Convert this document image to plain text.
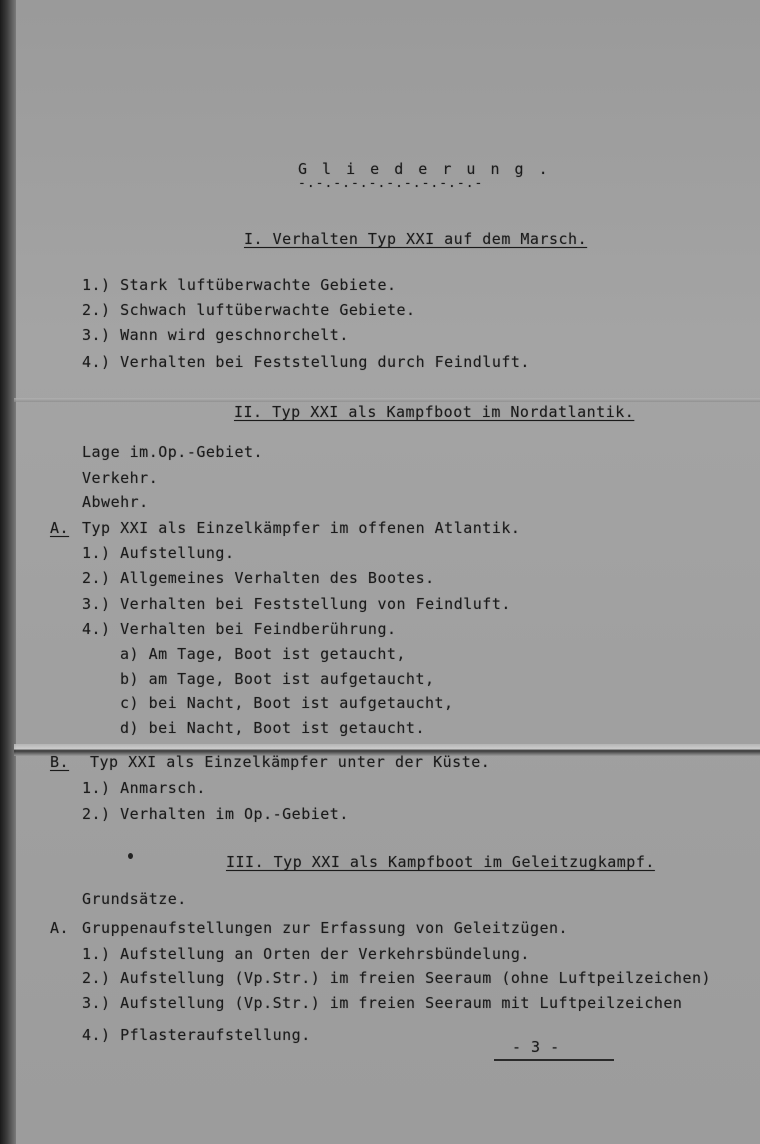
G l i e d e r u n g .
-.-.-.-.-.-.-.-.-.-.-
I. Verhalten Typ XXI auf dem Marsch.
1.) Stark luftüberwachte Gebiete.
2.) Schwach luftüberwachte Gebiete.
3.) Wann wird geschnorchelt.
4.) Verhalten bei Feststellung durch Feindluft.
II. Typ XXI als Kampfboot im Nordatlantik.
Lage im.Op.-Gebiet.
Verkehr.
Abwehr.
A. Typ XXI als Einzelkämpfer im offenen Atlantik.
1.) Aufstellung.
2.) Allgemeines Verhalten des Bootes.
3.) Verhalten bei Feststellung von Feindluft.
4.) Verhalten bei Feindberührung.
a) Am Tage, Boot ist getaucht,
b) am Tage, Boot ist aufgetaucht,
c) bei Nacht, Boot ist aufgetaucht,
d) bei Nacht, Boot ist getaucht.
B. Typ XXI als Einzelkämpfer unter der Küste.
1.) Anmarsch.
2.) Verhalten im Op.-Gebiet.
III. Typ XXI als Kampfboot im Geleitzugkampf.
Grundsätze.
A. Gruppenaufstellungen zur Erfassung von Geleitzügen.
1.) Aufstellung an Orten der Verkehrsbündelung.
2.) Aufstellung (Vp.Str.) im freien Seeraum (ohne Luftpeilzeichen)
3.) Aufstellung (Vp.Str.) im freien Seeraum mit Luftpeilzeichen
4.) Pflasteraufstellung.
- 3 -
